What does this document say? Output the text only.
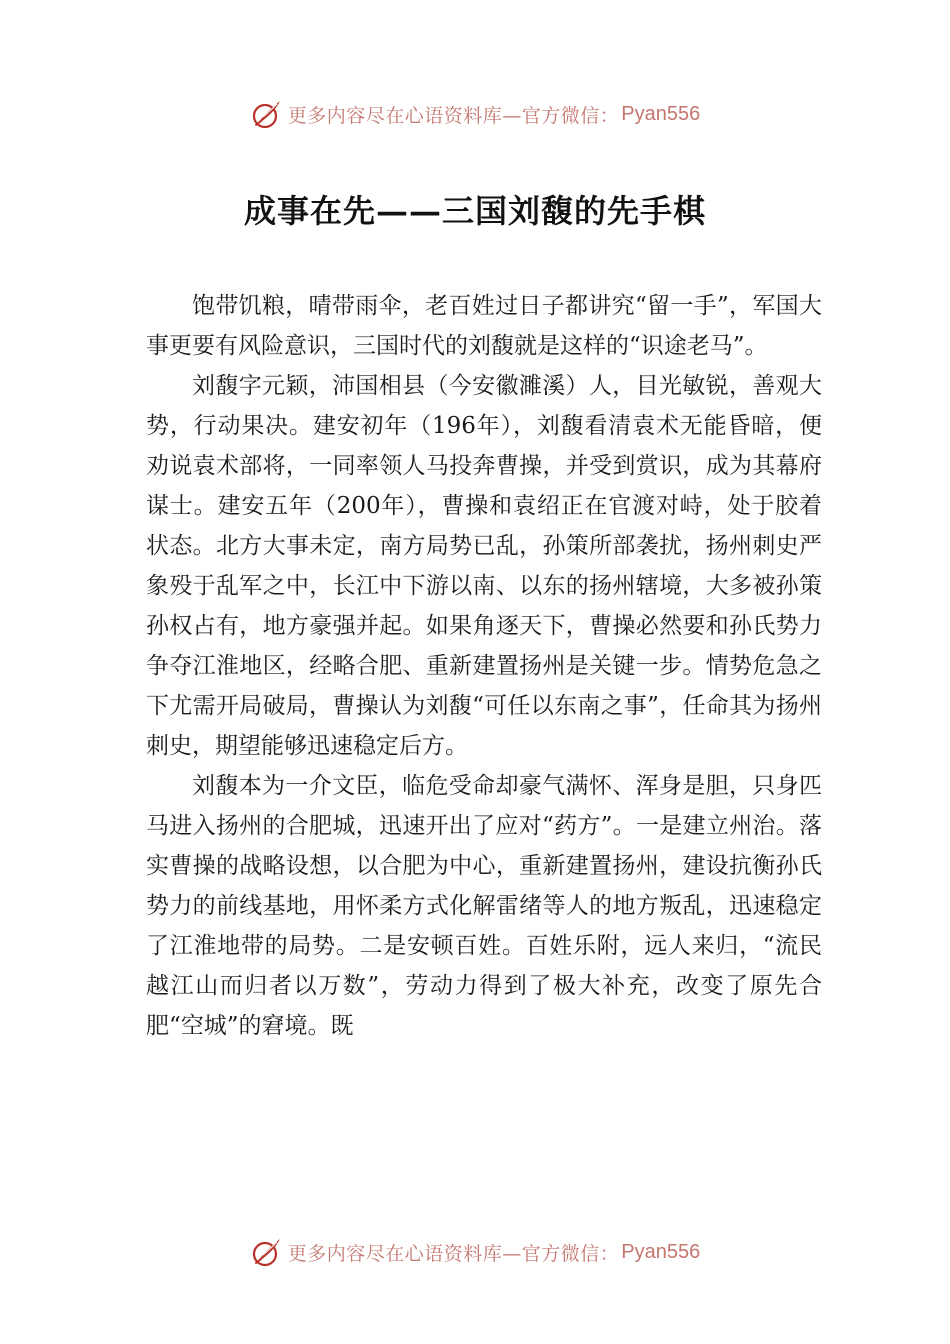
更多内容尽在心语资料库—官方微信： Pyan556
成事在先——三国刘馥的先手棋

饱带饥粮，晴带雨伞，老百姓过日子都讲究“留一手”，军国大事更要有风险意识，三国时代的刘馥就是这样的“识途老马”。

刘馥字元颖，沛国相县（今安徽濉溪）人，目光敏锐，善观大势，行动果决。建安初年（196年），刘馥看清袁术无能昏暗，便劝说袁术部将，一同率领人马投奔曹操，并受到赏识，成为其幕府谋士。建安五年（200年），曹操和袁绍正在官渡对峙，处于胶着状态。北方大事未定，南方局势已乱，孙策所部袭扰，扬州刺史严象殁于乱军之中，长江中下游以南、以东的扬州辖境，大多被孙策孙权占有，地方豪强并起。如果角逐天下，曹操必然要和孙氏势力争夺江淮地区，经略合肥、重新建置扬州是关键一步。情势危急之下尤需开局破局，曹操认为刘馥“可任以东南之事”，任命其为扬州刺史，期望能够迅速稳定后方。

刘馥本为一介文臣，临危受命却豪气满怀、浑身是胆，只身匹马进入扬州的合肥城，迅速开出了应对“药方”。一是建立州治。落实曹操的战略设想，以合肥为中心，重新建置扬州，建设抗衡孙氏势力的前线基地，用怀柔方式化解雷绪等人的地方叛乱，迅速稳定了江淮地带的局势。二是安顿百姓。百姓乐附，远人来归，“流民越江山而归者以万数”，劳动力得到了极大补充，改变了原先合肥“空城”的窘境。既

更多内容尽在心语资料库—官方微信： Pyan556
